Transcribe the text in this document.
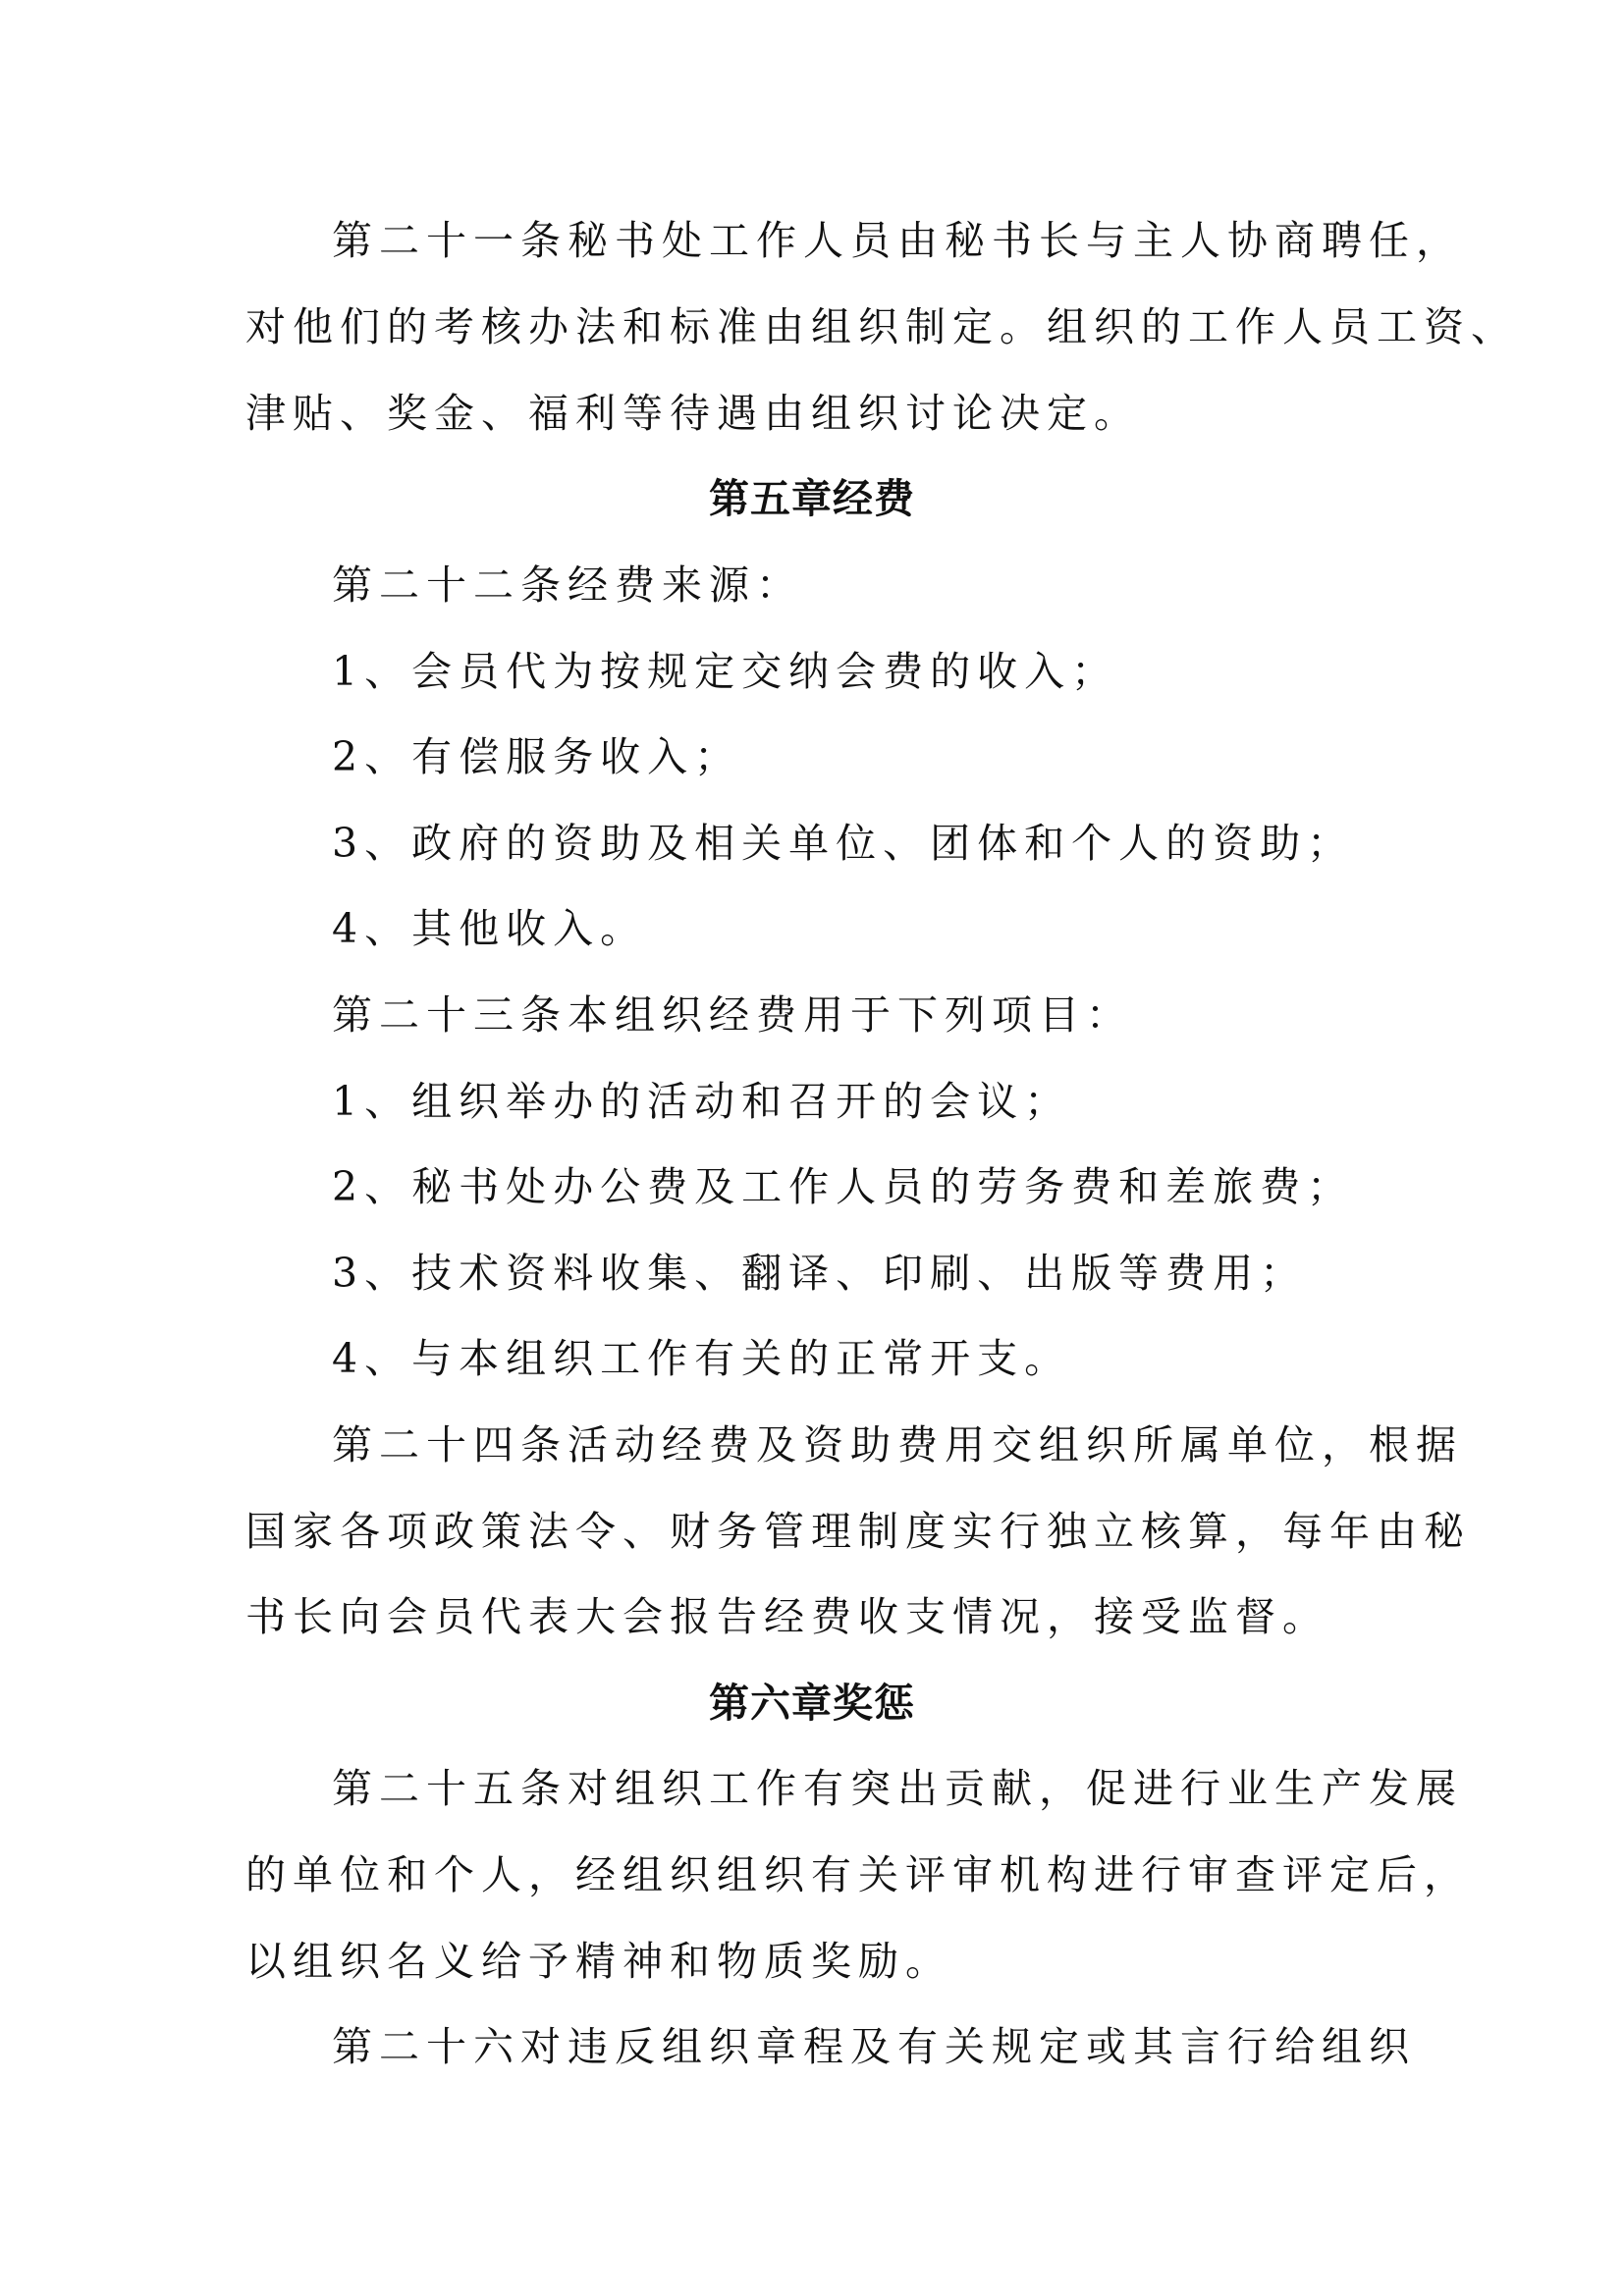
第二十一条秘书处工作人员由秘书长与主人协商聘任，
对他们的考核办法和标准由组织制定。组织的工作人员工资、
津贴、奖金、福利等待遇由组织讨论决定。
第五章经费
第二十二条经费来源：
1、会员代为按规定交纳会费的收入；
2、有偿服务收入；
3、政府的资助及相关单位、团体和个人的资助；
4、其他收入。
第二十三条本组织经费用于下列项目：
1、组织举办的活动和召开的会议；
2、秘书处办公费及工作人员的劳务费和差旅费；
3、技术资料收集、翻译、印刷、出版等费用；
4、与本组织工作有关的正常开支。
第二十四条活动经费及资助费用交组织所属单位，根据
国家各项政策法令、财务管理制度实行独立核算，每年由秘
书长向会员代表大会报告经费收支情况，接受监督。
第六章奖惩
第二十五条对组织工作有突出贡献，促进行业生产发展
的单位和个人，经组织组织有关评审机构进行审查评定后，
以组织名义给予精神和物质奖励。
第二十六对违反组织章程及有关规定或其言行给组织
